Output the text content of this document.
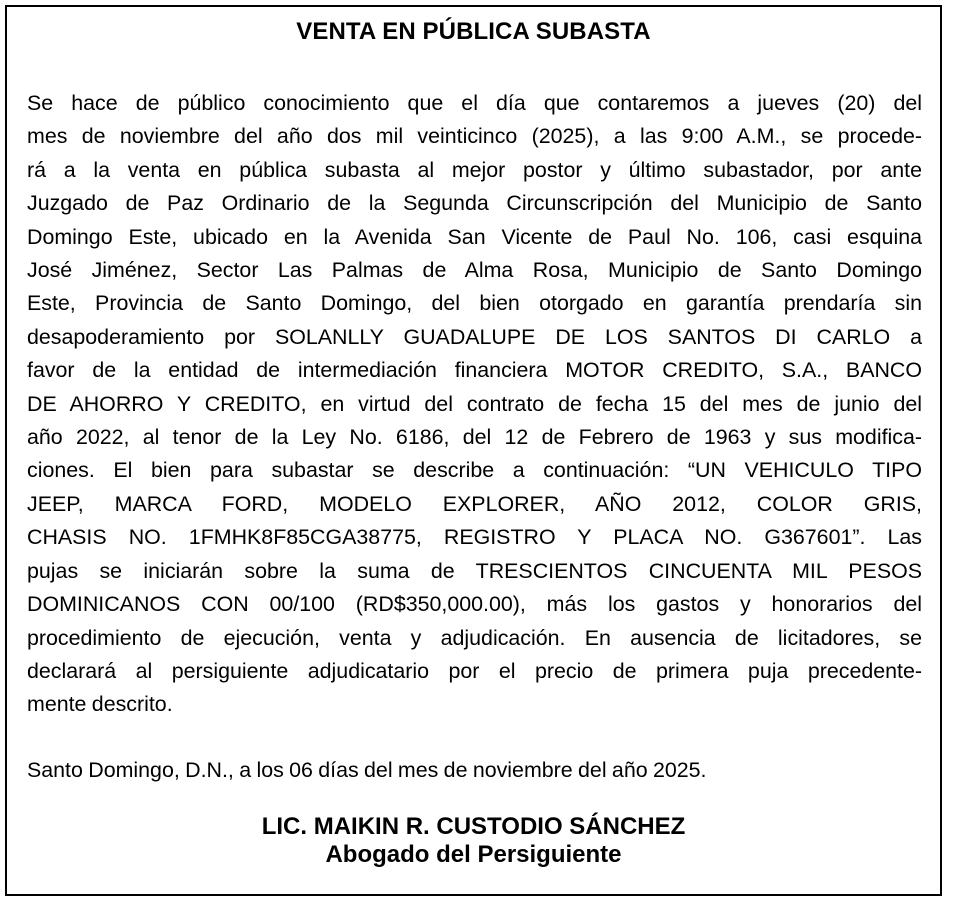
VENTA EN PÚBLICA SUBASTA
Se hace de público conocimiento que el día que contaremos a jueves (20) del
mes de noviembre del año dos mil veinticinco (2025), a las 9:00 A.M., se procede-
rá a la venta en pública subasta al mejor postor y último subastador, por ante
Juzgado de Paz Ordinario de la Segunda Circunscripción del Municipio de Santo
Domingo Este, ubicado en la Avenida San Vicente de Paul No. 106, casi esquina
José Jiménez, Sector Las Palmas de Alma Rosa, Municipio de Santo Domingo
Este, Provincia de Santo Domingo, del bien otorgado en garantía prendaría sin
desapoderamiento por SOLANLLY GUADALUPE DE LOS SANTOS DI CARLO a
favor de la entidad de intermediación financiera MOTOR CREDITO, S.A., BANCO
DE AHORRO Y CREDITO, en virtud del contrato de fecha 15 del mes de junio del
año 2022, al tenor de la Ley No. 6186, del 12 de Febrero de 1963 y sus modifica-
ciones. El bien para subastar se describe a continuación: “UN VEHICULO TIPO
JEEP, MARCA FORD, MODELO EXPLORER, AÑO 2012, COLOR GRIS,
CHASIS NO. 1FMHK8F85CGA38775, REGISTRO Y PLACA NO. G367601”. Las
pujas se iniciarán sobre la suma de TRESCIENTOS CINCUENTA MIL PESOS
DOMINICANOS CON 00/100 (RD$350,000.00), más los gastos y honorarios del
procedimiento de ejecución, venta y adjudicación. En ausencia de licitadores, se
declarará al persiguiente adjudicatario por el precio de primera puja precedente-
mente descrito.
Santo Domingo, D.N., a los 06 días del mes de noviembre del año 2025.
LIC. MAIKIN R. CUSTODIO SÁNCHEZ
Abogado del Persiguiente
